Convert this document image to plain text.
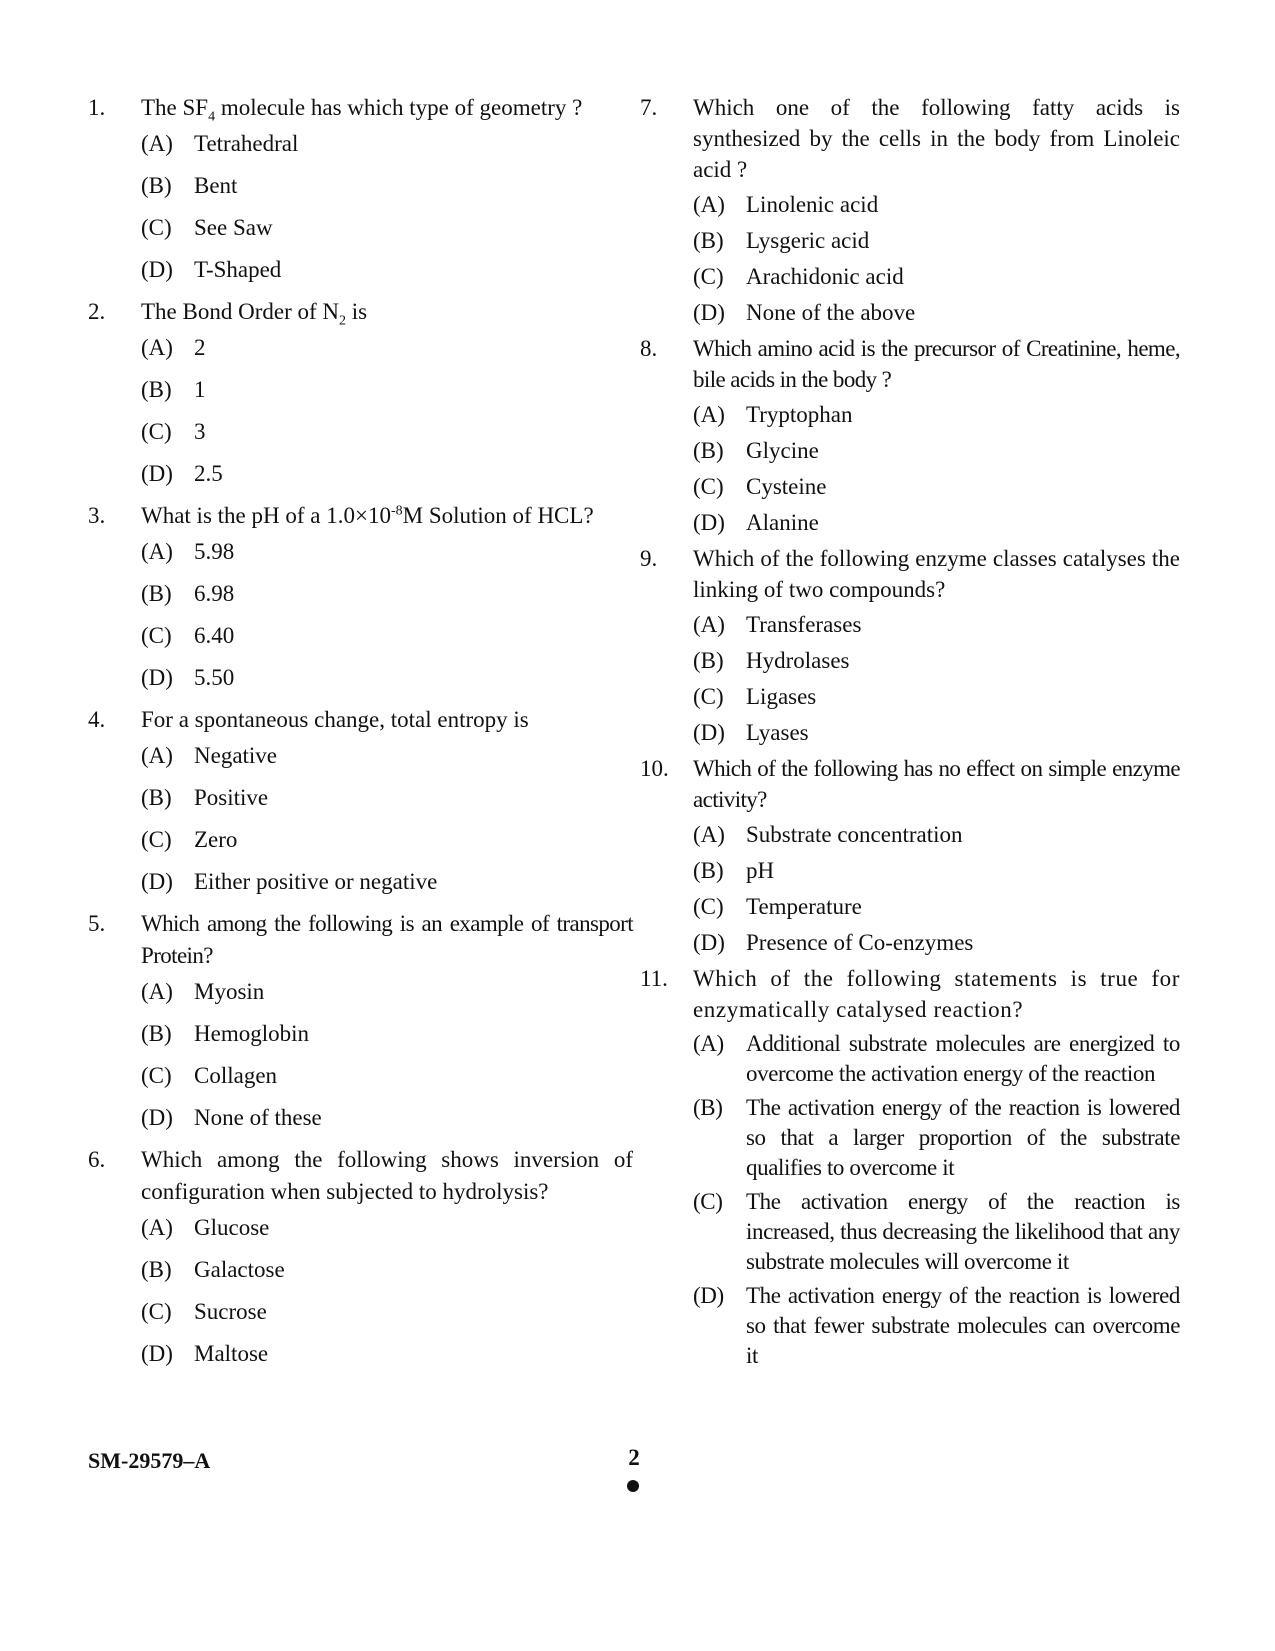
1. The $SF_4$ molecule has which type of geometry ?
(A) Tetrahedral
(B) Bent
(C) See Saw
(D) T-Shaped
2. The Bond Order of $N_2$ is
(A) 2
(B) 1
(C) 3
(D) 2.5
3. What is the pH of a $1.0\times 10^{-8}M$ Solution of HCL?
(A) 5.98
(B) 6.98
(C) 6.40
(D) 5.50
4. For a spontaneous change, total entropy is
(A) Negative
(B) Positive
(C) Zero
(D) Either positive or negative
5. Which among the following is an example of transport Protein?
(A) Myosin
(B) Hemoglobin
(C) Collagen
(D) None of these
6. Which among the following shows inversion of configuration when subjected to hydrolysis?
(A) Glucose
(B) Galactose
(C) Sucrose
(D) Maltose
7. Which one of the following fatty acids is synthesized by the cells in the body from Linoleic acid ?
(A) Linolenic acid
(B) Lysgeric acid
(C) Arachidonic acid
(D) None of the above
8. Which amino acid is the precursor of Creatinine, heme, bile acids in the body ?
(A) Tryptophan
(B) Glycine
(C) Cysteine
(D) Alanine
9. Which of the following enzyme classes catalyses the linking of two compounds?
(A) Transferases
(B) Hydrolases
(C) Ligases
(D) Lyases
10. Which of the following has no effect on simple enzyme activity?
(A) Substrate concentration
(B) pH
(C) Temperature
(D) Presence of Co-enzymes
11. Which of the following statements is true for enzymatically catalysed reaction?
(A) Additional substrate molecules are energized to overcome the activation energy of the reaction
(B) The activation energy of the reaction is lowered so that a larger proportion of the substrate qualifies to overcome it
(C) The activation energy of the reaction is increased, thus decreasing the likelihood that any substrate molecules will overcome it
(D) The activation energy of the reaction is lowered so that fewer substrate molecules can overcome it
SM-29579–A	2
